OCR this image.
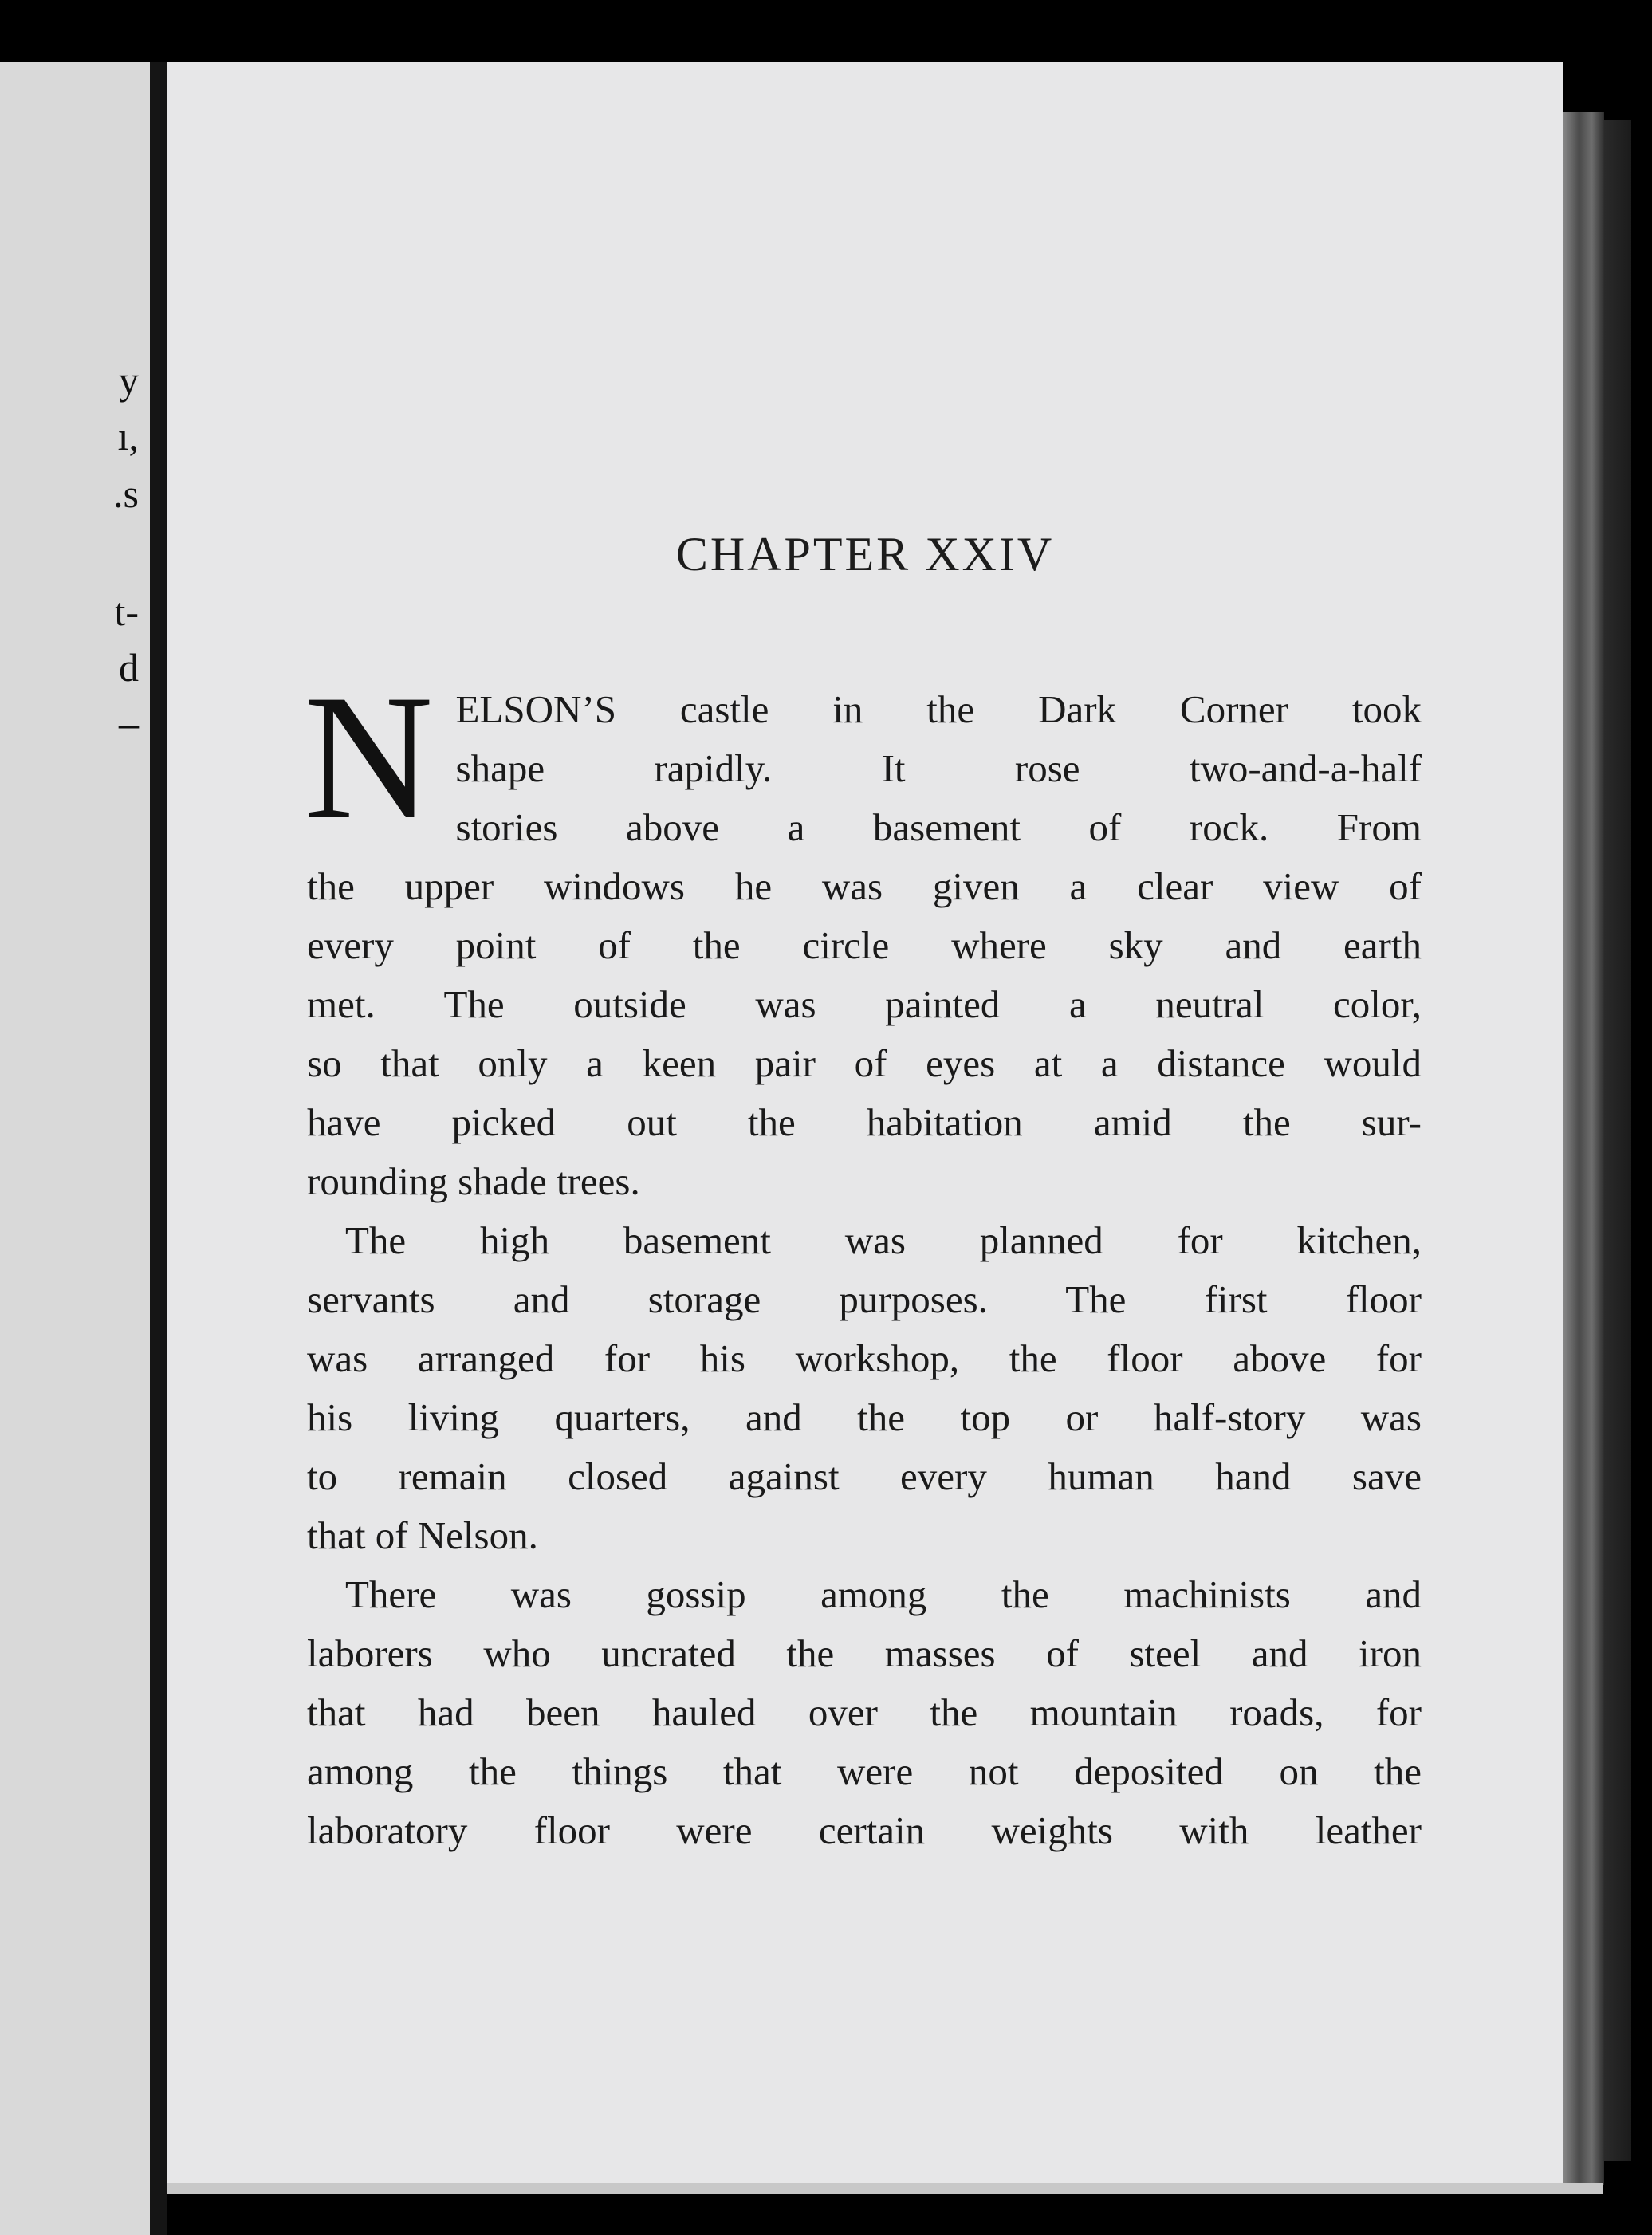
y
ı,
.s
t-
d
–
CHAPTER XXIV
N ELSON’S castle in the Dark Corner took
shape rapidly. It rose two-and-a-half
stories above a basement of rock. From
the upper windows he was given a clear view of
every point of the circle where sky and earth
met. The outside was painted a neutral color,
so that only a keen pair of eyes at a distance would
have picked out the habitation amid the sur-
rounding shade trees.
The high basement was planned for kitchen,
servants and storage purposes. The first floor
was arranged for his workshop, the floor above for
his living quarters, and the top or half-story was
to remain closed against every human hand save
that of Nelson.
There was gossip among the machinists and
laborers who uncrated the masses of steel and iron
that had been hauled over the mountain roads, for
among the things that were not deposited on the
laboratory floor were certain weights with leather
